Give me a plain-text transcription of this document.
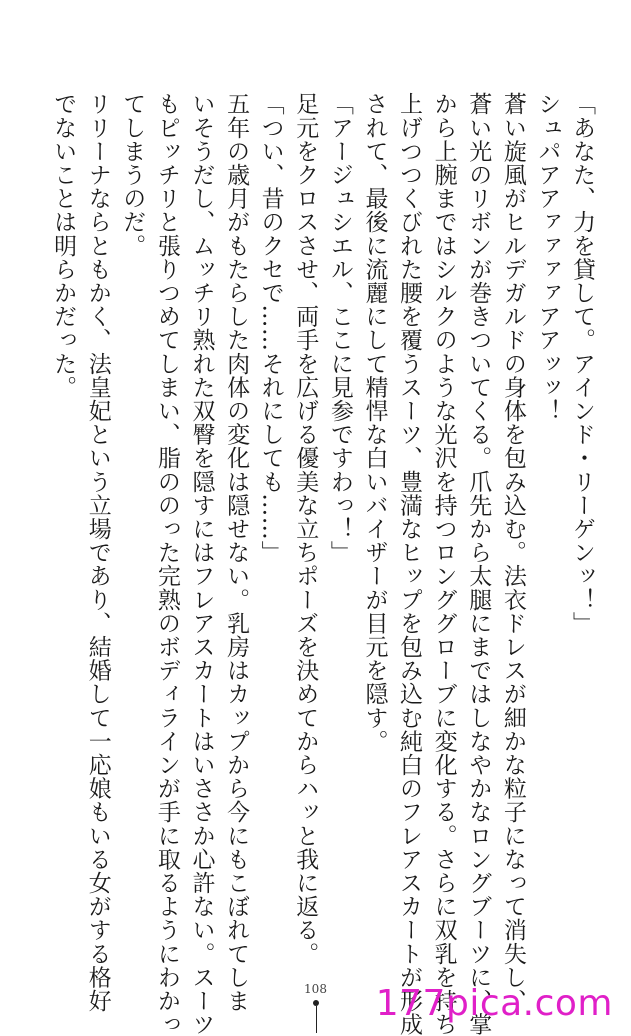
「あなた、力を貸して。アインド・リーゲンッ！」
シュパアアァァァァアアッッ！
蒼い旋風がヒルデガルドの身体を包み込む。法衣ドレスが細かな粒子になって消失し、
蒼い光のリボンが巻きついてくる。爪先から太腿にまではしなやかなロングブーツに、掌
から上腕まではシルクのような光沢を持つロンググローブに変化する。さらに双乳を持ち
上げつつくびれた腰を覆うスーツ、豊満なヒップを包み込む純白のフレアスカートが形成
されて、最後に流麗にして精悍な白いバイザーが目元を隠す。
「アージュシエル、ここに見参ですわっ！」
足元をクロスさせ、両手を広げる優美な立ちポーズを決めてからハッと我に返る。
「つい、昔のクセで……それにしても……」
五年の歳月がもたらした肉体の変化は隠せない。乳房はカップから今にもこぼれてしま
いそうだし、ムッチリ熟れた双臀を隠すにはフレアスカートはいささか心許ない。スーツ
もピッチリと張りつめてしまい、脂ののった完熟のボディラインが手に取るようにわかっ
てしまうのだ。
リリーナならともかく、法皇妃という立場であり、結婚して一応娘もいる女がする格好
でないことは明らかだった。
108	177pica.com
